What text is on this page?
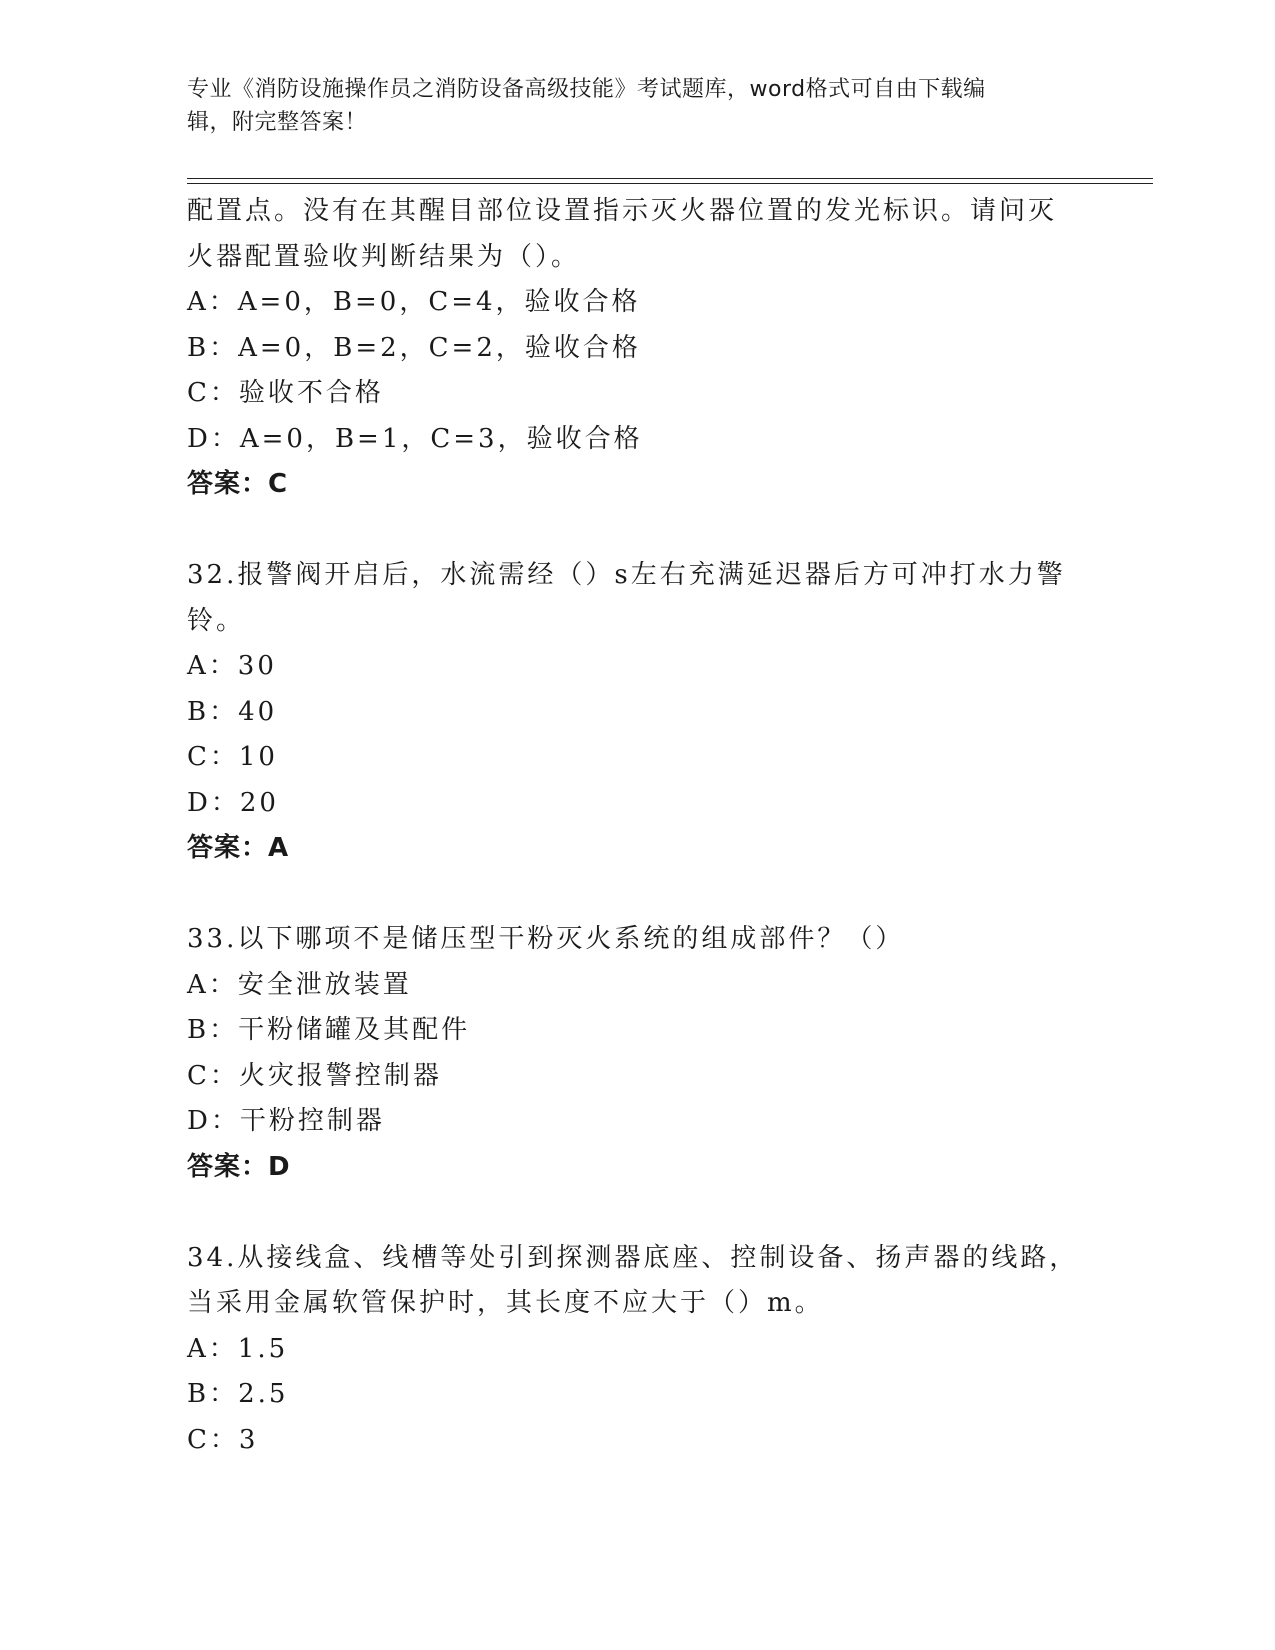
专业《消防设施操作员之消防设备高级技能》考试题库，word格式可自由下载编
辑，附完整答案！
配置点。没有在其醒目部位设置指示灭火器位置的发光标识。请问灭
火器配置验收判断结果为（）。
A：A=0，B=0，C=4，验收合格
B：A=0，B=2，C=2，验收合格
C：验收不合格
D：A=0，B=1，C=3，验收合格
答案：C
32.报警阀开启后，水流需经（）s左右充满延迟器后方可冲打水力警
铃。
A：30
B：40
C：10
D：20
答案：A
33.以下哪项不是储压型干粉灭火系统的组成部件？（）
A：安全泄放装置
B：干粉储罐及其配件
C：火灾报警控制器
D：干粉控制器
答案：D
34.从接线盒、线槽等处引到探测器底座、控制设备、扬声器的线路，
当采用金属软管保护时，其长度不应大于（）m。
A：1.5
B：2.5
C：3
